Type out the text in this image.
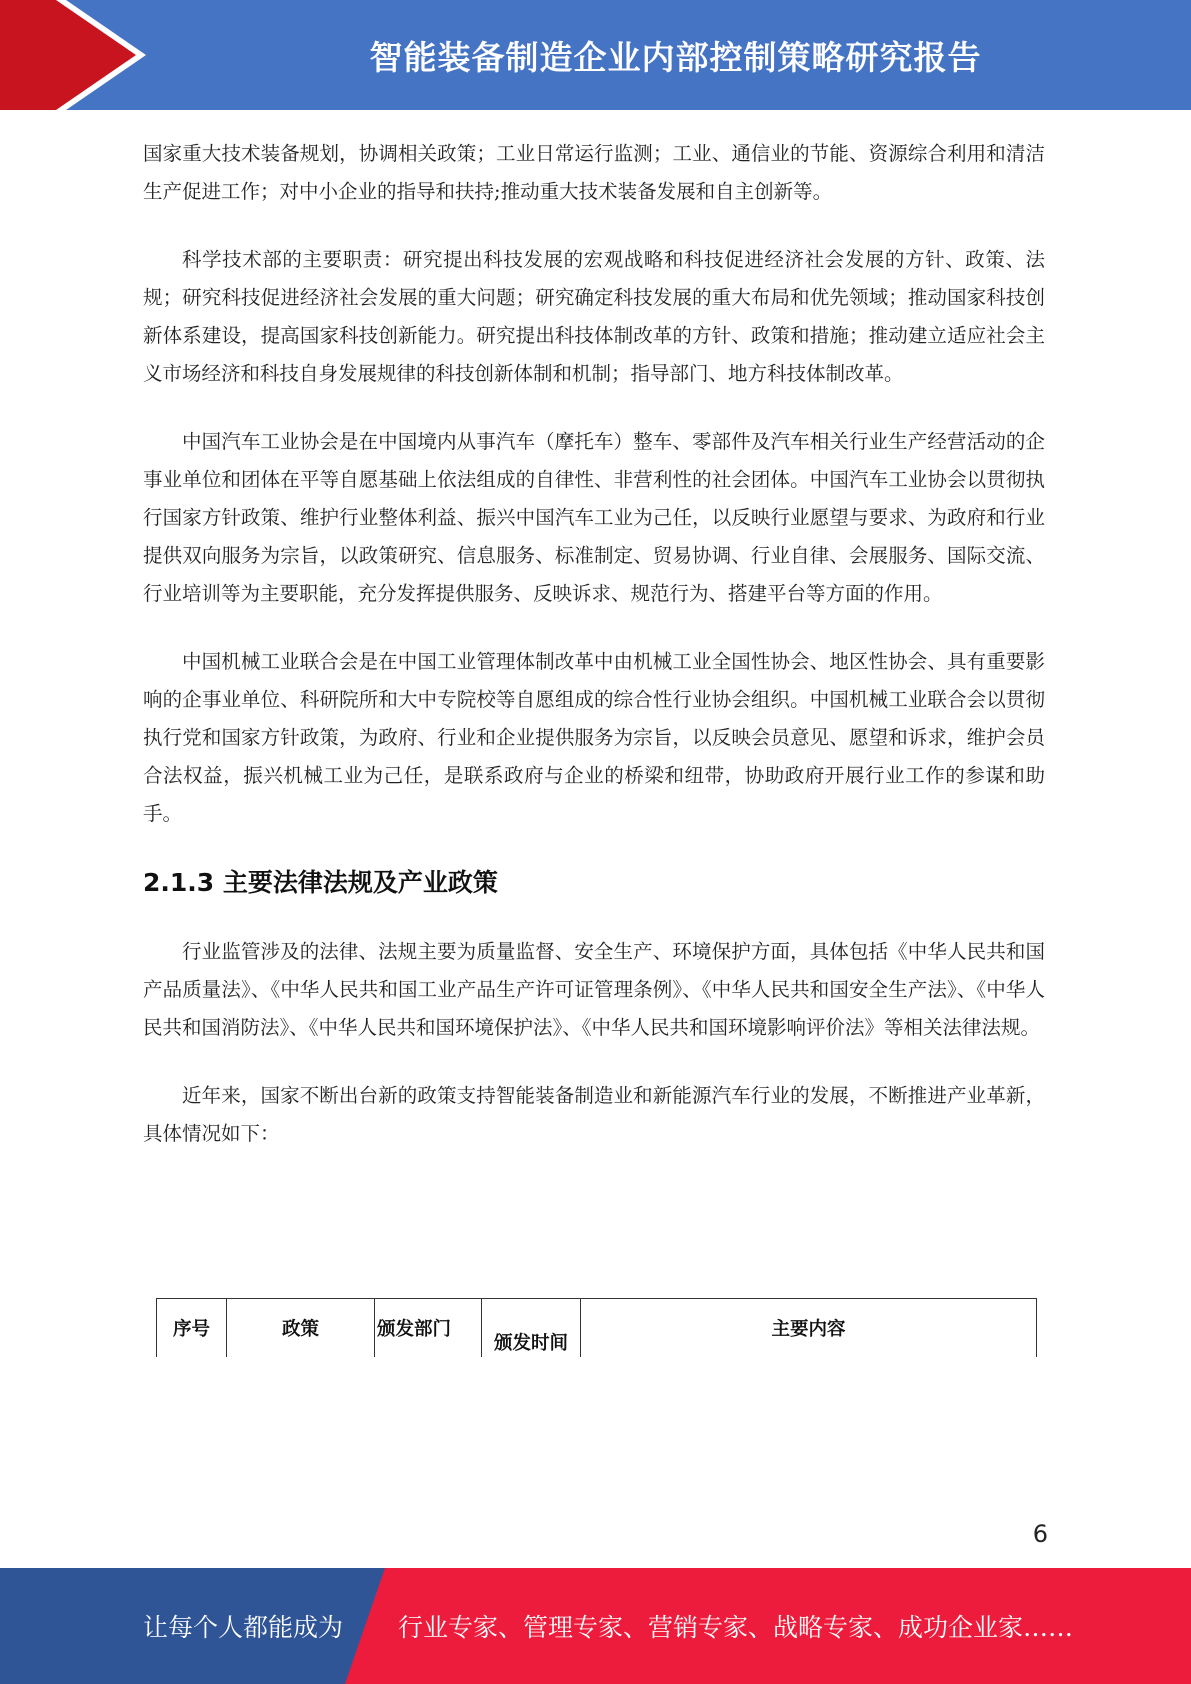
智能装备制造企业内部控制策略研究报告

国家重大技术装备规划，协调相关政策；工业日常运行监测；工业、通信业的节能、资源综合利用和清洁生产促进工作；对中小企业的指导和扶持;推动重大技术装备发展和自主创新等。

科学技术部的主要职责：研究提出科技发展的宏观战略和科技促进经济社会发展的方针、政策、法规；研究科技促进经济社会发展的重大问题；研究确定科技发展的重大布局和优先领域；推动国家科技创新体系建设，提高国家科技创新能力。研究提出科技体制改革的方针、政策和措施；推动建立适应社会主义市场经济和科技自身发展规律的科技创新体制和机制；指导部门、地方科技体制改革。

中国汽车工业协会是在中国境内从事汽车（摩托车）整车、零部件及汽车相关行业生产经营活动的企事业单位和团体在平等自愿基础上依法组成的自律性、非营利性的社会团体。中国汽车工业协会以贯彻执行国家方针政策、维护行业整体利益、振兴中国汽车工业为己任，以反映行业愿望与要求、为政府和行业提供双向服务为宗旨，以政策研究、信息服务、标准制定、贸易协调、行业自律、会展服务、国际交流、行业培训等为主要职能，充分发挥提供服务、反映诉求、规范行为、搭建平台等方面的作用。

中国机械工业联合会是在中国工业管理体制改革中由机械工业全国性协会、地区性协会、具有重要影响的企事业单位、科研院所和大中专院校等自愿组成的综合性行业协会组织。中国机械工业联合会以贯彻执行党和国家方针政策，为政府、行业和企业提供服务为宗旨，以反映会员意见、愿望和诉求，维护会员合法权益，振兴机械工业为己任，是联系政府与企业的桥梁和纽带，协助政府开展行业工作的参谋和助手。

2.1.3 主要法律法规及产业政策

行业监管涉及的法律、法规主要为质量监督、安全生产、环境保护方面，具体包括《中华人民共和国产品质量法》、《中华人民共和国工业产品生产许可证管理条例》、《中华人民共和国安全生产法》、《中华人民共和国消防法》、《中华人民共和国环境保护法》、《中华人民共和国环境影响评价法》等相关法律法规。

近年来，国家不断出台新的政策支持智能装备制造业和新能源汽车行业的发展，不断推进产业革新，具体情况如下：

序号	政策	颁发部门	颁发时间	主要内容
6
让每个人都能成为 行业专家、管理专家、营销专家、战略专家、成功企业家……
